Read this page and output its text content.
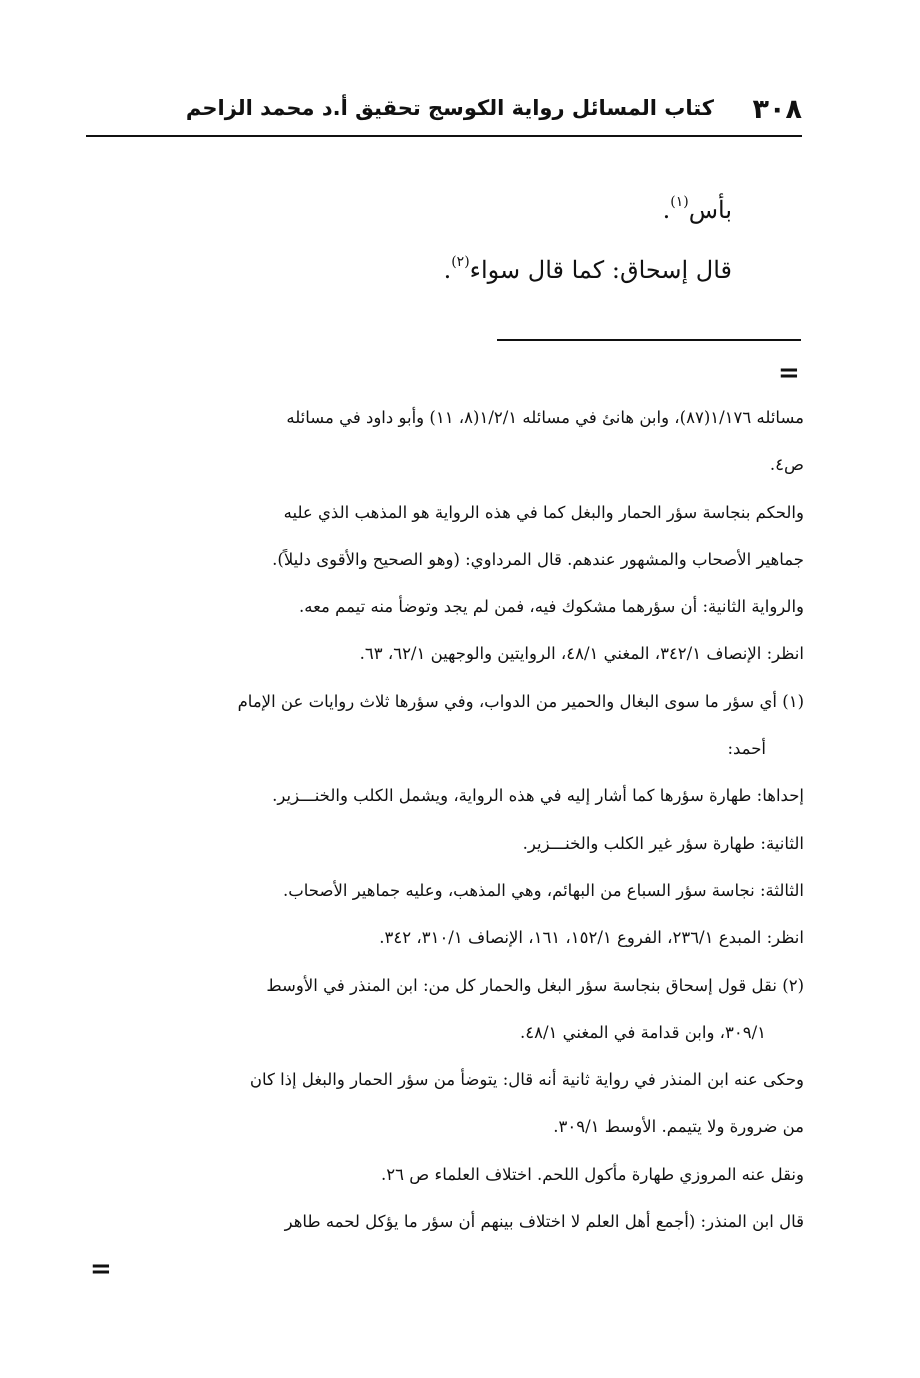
٣٠٨
كتاب المسائل رواية الكوسج تحقيق أ.د محمد الزاحم
بأس$^{(١)}$.
قال إسحاق: كما قال سواء$^{(٢)}$.
=
مسائله ١/١٧٦(٨٧)، وابن هانئ في مسائله ١/٢/١(٨، ١١) وأبو داود في مسائله
ص٤.
والحكم بنجاسة سؤر الحمار والبغل كما في هذه الرواية هو المذهب الذي عليه
جماهير الأصحاب والمشهور عندهم. قال المرداوي: (وهو الصحيح والأقوى دليلاً).
والرواية الثانية: أن سؤرهما مشكوك فيه، فمن لم يجد وتوضأ منه تيمم معه.
انظر: الإنصاف ٣٤٢/١، المغني ٤٨/١، الروايتين والوجهين ٦٢/١، ٦٣.
(١) أي سؤر ما سوى البغال والحمير من الدواب، وفي سؤرها ثلاث روايات عن الإمام
أحمد:
إحداها: طهارة سؤرها كما أشار إليه في هذه الرواية، ويشمل الكلب والخنـــزير.
الثانية: طهارة سؤر غير الكلب والخنـــزير.
الثالثة: نجاسة سؤر السباع من البهائم، وهي المذهب، وعليه جماهير الأصحاب.
انظر: المبدع ٢٣٦/١، الفروع ١٥٢/١، ١٦١، الإنصاف ٣١٠/١، ٣٤٢.
(٢) نقل قول إسحاق بنجاسة سؤر البغل والحمار كل من: ابن المنذر في الأوسط
٣٠٩/١، وابن قدامة في المغني ٤٨/١.
وحكى عنه ابن المنذر في رواية ثانية أنه قال: يتوضأ من سؤر الحمار والبغل إذا كان
من ضرورة ولا يتيمم. الأوسط ٣٠٩/١.
ونقل عنه المروزي طهارة مأكول اللحم. اختلاف العلماء ص ٢٦.
قال ابن المنذر: (أجمع أهل العلم لا اختلاف بينهم أن سؤر ما يؤكل لحمه طاهر
=
